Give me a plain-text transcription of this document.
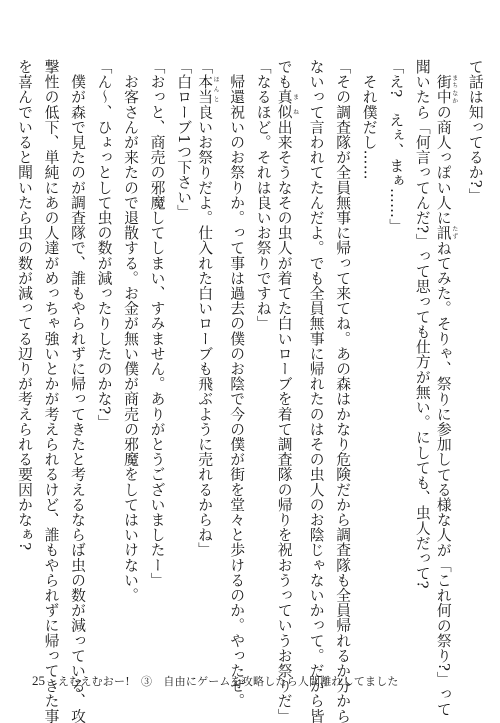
て話は知ってるか?」
　街中 まちなかの商人っぽい人に訊 たずねてみた。そりゃ、祭りに参加してる様な人が「これ何の祭り?」って
聞いたら「何言ってんだ?」って思っても仕方が無い。にしても、虫人だって?
「え?　えぇ、まぁ……」
　それ僕だし……
「その調査隊が全員無事に帰って来てね。あの森はかなり危険だから調査隊も全員帰れるか分から
ないって言われてたんだよ。でも全員無事に帰れたのはその虫人のお陰じゃないかって。だから皆
でも真似 まね出来そうなその虫人が着てた白いローブを着て調査隊の帰りを祝おうっていうお祭りだ」
「なるほど。それは良いお祭りですね」
　帰還祝いのお祭りか。って事は過去の僕のお陰で今の僕が街を堂々と歩けるのか。やったぜ。
「本当 ほんと良いお祭りだよ。仕入れた白いローブも飛ぶように売れるからね」
「白ローブ1つ下さい」
「おっと、商売の邪魔してしまい、すみません。ありがとうございましたー」
　お客さんが来たので退散する。お金が無い僕が商売の邪魔をしてはいけない。
「ん〜、ひょっとして虫の数が減ったりしたのかな?」
　僕が森で見たのが調査隊で、誰もやられずに帰ってきたと考えるならば虫の数が減っている、攻
撃性の低下、単純にあの人達がめっちゃ強いとかが考えられるけど、誰もやられずに帰ってきた事
を喜んでいると聞いたら虫の数が減ってる辺りが考えられる要因かなぁ?
25	えむえむおー!　③　自由にゲームを攻略したら人間離れしてました
